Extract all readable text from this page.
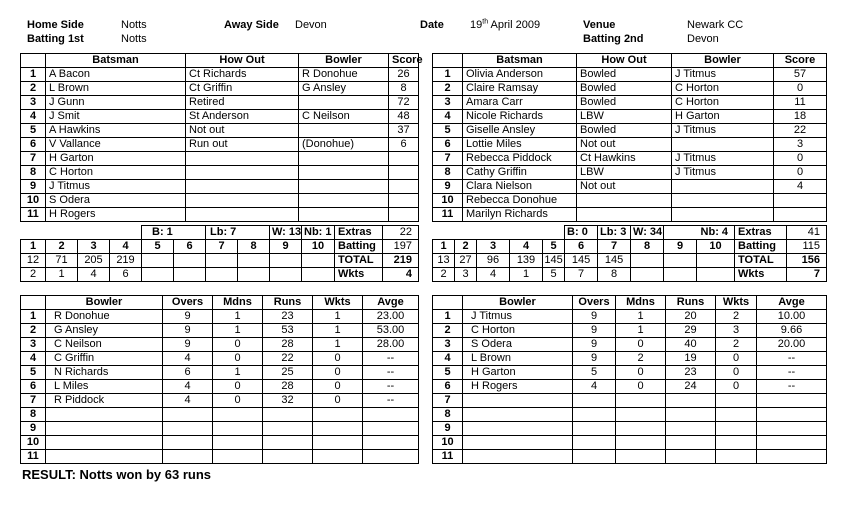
Home Side	Notts	Away Side Devon	Date 19th April 2009	Venue	Newark CC
Batting 1st	Notts	Batting 2nd	Devon
	Batsman	How Out	Bowler	Score
1	A Bacon	Ct Richards	R Donohue	26
2	L Brown	Ct Griffin	G Ansley	8
3	J Gunn	Retired		72
4	J Smit	St Anderson	C Neilson	48
5	A Hawkins	Not out		37
6	V Vallance	Run out	(Donohue)	6
7	H Garton			
8	C Horton			
9	J Titmus			
10	S Odera			
11	H Rogers			
	Batsman	How Out	Bowler	Score
1	Olivia Anderson	Bowled	J Titmus	57
2	Claire Ramsay	Bowled	C Horton	0
3	Amara Carr	Bowled	C Horton	11
4	Nicole Richards	LBW	H Garton	18
5	Giselle Ansley	Bowled	J Titmus	22
6	Lottie Miles	Not out		3
7	Rebecca Piddock	Ct Hawkins	J Titmus	0
8	Cathy Griffin	LBW	J Titmus	0
9	Clara Nielson	Not out		4
10	Rebecca Donohue			
11	Marilyn Richards			
				B: 1		Lb: 7		W: 13	Nb: 1	Extras	22
1	2	3	4	5	6	7	8	9	10	Batting	197
12	71	205	219							TOTAL	219
2	1	4	6							Wkts	4
					B: 0	Lb: 3	W: 34	Nb: 4		Extras	41
1	2	3	4	5	6	7	8	9	10	Batting	115
13	27	96	139	145	145	145				TOTAL	156
2	3	4	1	5	7	8				Wkts	7
	Bowler	Overs	Mdns	Runs	Wkts	Avge
1	R Donohue	9	1	23	1	23.00
2	G Ansley	9	1	53	1	53.00
3	C Neilson	9	0	28	1	28.00
4	C Griffin	4	0	22	0	--
5	N Richards	6	1	25	0	--
6	L Miles	4	0	28	0	--
7	R Piddock	4	0	32	0	--
8						
9						
10						
11						
	Bowler	Overs	Mdns	Runs	Wkts	Avge
1	J Titmus	9	1	20	2	10.00
2	C Horton	9	1	29	3	9.66
3	S Odera	9	0	40	2	20.00
4	L Brown	9	2	19	0	--
5	H Garton	5	0	23	0	--
6	H Rogers	4	0	24	0	--
7						
8						
9						
10						
11						
RESULT: Notts won by 63 runs
